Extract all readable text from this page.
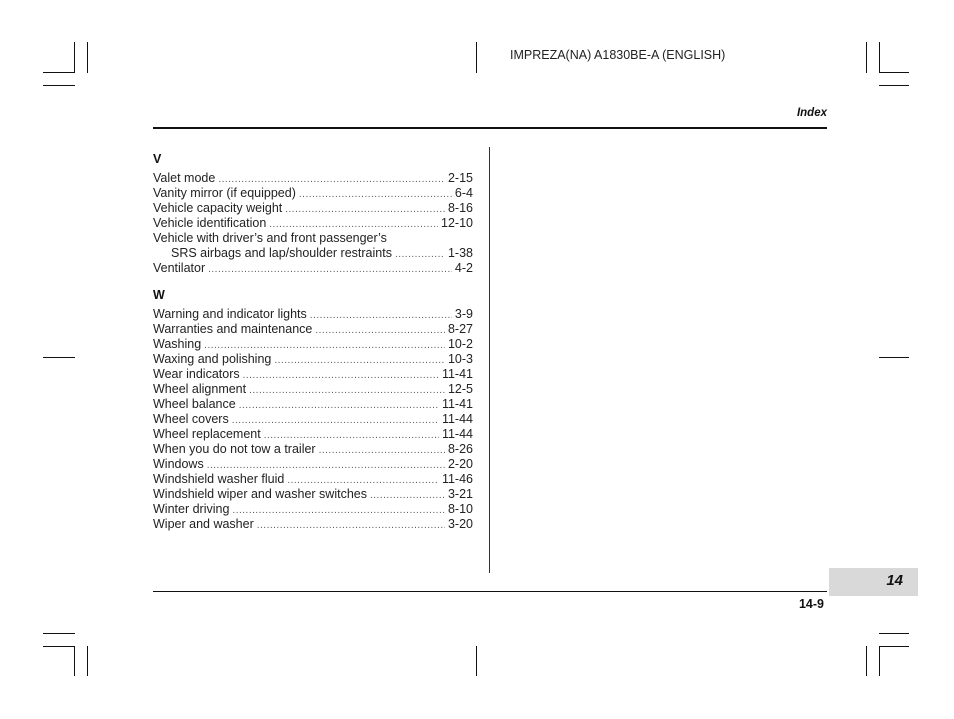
IMPREZA(NA) A1830BE-A (ENGLISH)
Index
V
Valet mode .....	2-15
Vanity mirror (if equipped) .....	6-4
Vehicle capacity weight .....	8-16
Vehicle identification .....	12-10
Vehicle with driver’s and front passenger’s
SRS airbags and lap/shoulder restraints .....	1-38
Ventilator .....	4-2
W
Warning and indicator lights .....	3-9
Warranties and maintenance .....	8-27
Washing .....	10-2
Waxing and polishing .....	10-3
Wear indicators .....	11-41
Wheel alignment .....	12-5
Wheel balance .....	11-41
Wheel covers .....	11-44
Wheel replacement .....	11-44
When you do not tow a trailer .....	8-26
Windows .....	2-20
Windshield washer fluid .....	11-46
Windshield wiper and washer switches .....	3-21
Winter driving .....	8-10
Wiper and washer .....	3-20
14
14-9
